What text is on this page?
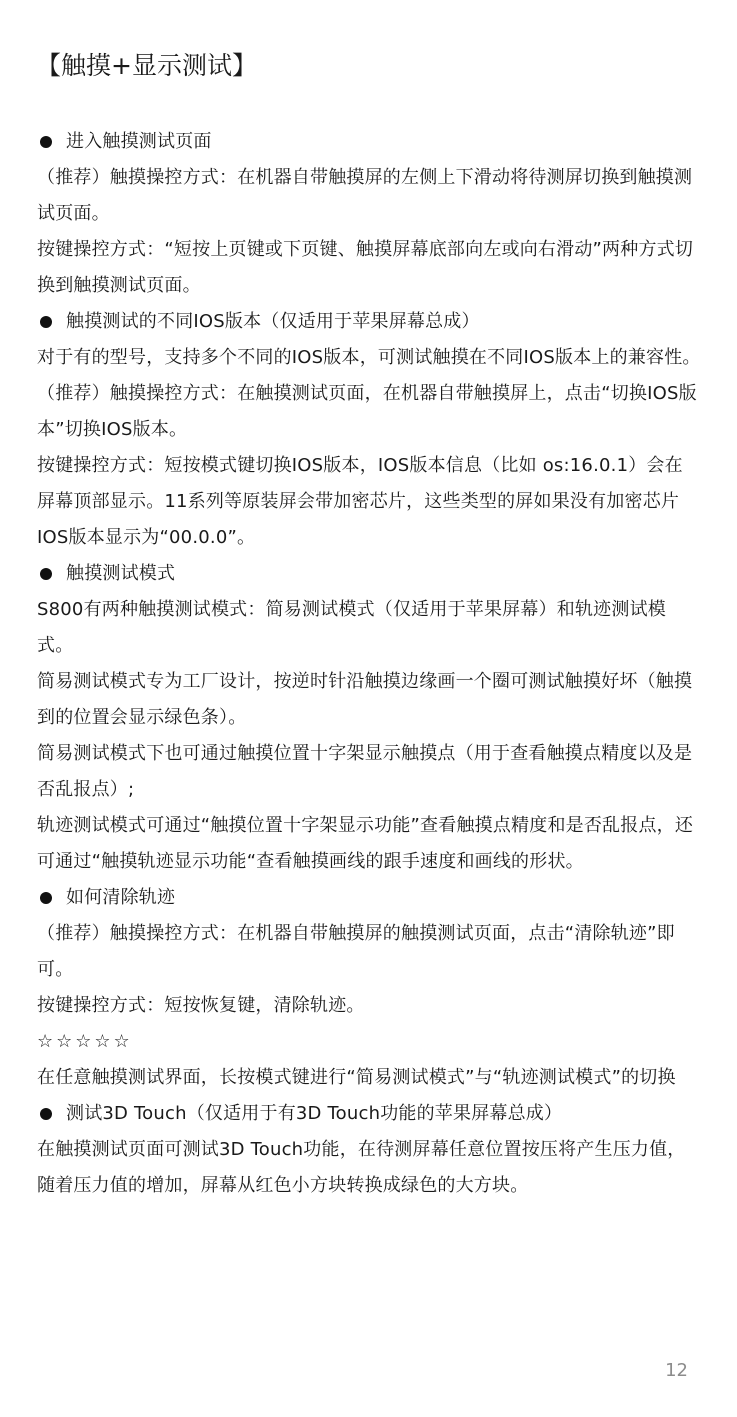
【触摸+显示测试】

进入触摸测试页面

（推荐）触摸操控方式：在机器自带触摸屏的左侧上下滑动将待测屏切换到触摸测试页面。

按键操控方式：“短按上页键或下页键、触摸屏幕底部向左或向右滑动”两种方式切换到触摸测试页面。

触摸测试的不同IOS版本（仅适用于苹果屏幕总成）

对于有的型号，支持多个不同的IOS版本，可测试触摸在不同IOS版本上的兼容性。

（推荐）触摸操控方式：在触摸测试页面，在机器自带触摸屏上，点击“切换IOS版本”切换IOS版本。

按键操控方式：短按模式键切换IOS版本，IOS版本信息（比如 os:16.0.1）会在屏幕顶部显示。11系列等原装屏会带加密芯片，这些类型的屏如果没有加密芯片IOS版本显示为“00.0.0”。

触摸测试模式

S800有两种触摸测试模式：简易测试模式（仅适用于苹果屏幕）和轨迹测试模式。

简易测试模式专为工厂设计，按逆时针沿触摸边缘画一个圈可测试触摸好坏（触摸到的位置会显示绿色条）。

简易测试模式下也可通过触摸位置十字架显示触摸点（用于查看触摸点精度以及是否乱报点）;

轨迹测试模式可通过“触摸位置十字架显示功能”查看触摸点精度和是否乱报点，还可通过“触摸轨迹显示功能“查看触摸画线的跟手速度和画线的形状。

如何清除轨迹

（推荐）触摸操控方式：在机器自带触摸屏的触摸测试页面，点击“清除轨迹”即可。

按键操控方式：短按恢复键，清除轨迹。

☆☆☆☆☆

在任意触摸测试界面，长按模式键进行“简易测试模式”与“轨迹测试模式”的切换

测试3D Touch（仅适用于有3D Touch功能的苹果屏幕总成）

在触摸测试页面可测试3D Touch功能，在待测屏幕任意位置按压将产生压力值，随着压力值的增加，屏幕从红色小方块转换成绿色的大方块。

12
